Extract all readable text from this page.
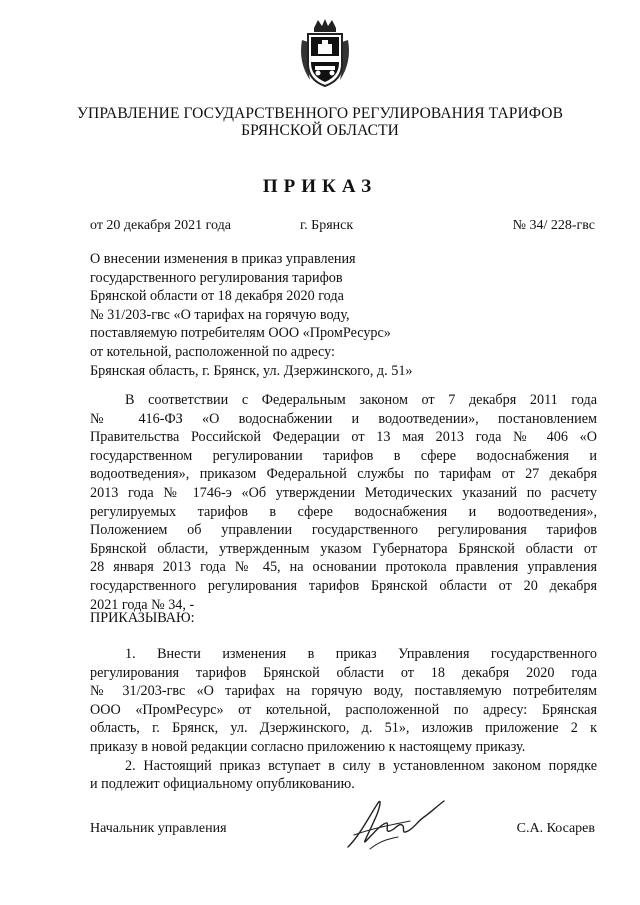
УПРАВЛЕНИЕ ГОСУДАРСТВЕННОГО РЕГУЛИРОВАНИЯ ТАРИФОВ
БРЯНСКОЙ ОБЛАСТИ
ПРИКАЗ
от 20 декабря 2021 года	г. Брянск	№ 34/ 228-гвс
О внесении изменения в приказ управления
государственного регулирования тарифов
Брянской области от 18 декабря 2020 года
№ 31/203-гвс «О тарифах на горячую воду,
поставляемую потребителям ООО «ПромРесурс»
от котельной, расположенной по адресу:
Брянская область, г. Брянск, ул. Дзержинского, д. 51»
В соответствии с Федеральным законом от 7 декабря 2011 года
№ 416-ФЗ «О водоснабжении и водоотведении», постановлением
Правительства Российской Федерации от 13 мая 2013 года № 406 «О
государственном регулировании тарифов в сфере водоснабжения и
водоотведения», приказом Федеральной службы по тарифам от 27 декабря
2013 года № 1746-э «Об утверждении Методических указаний по расчету
регулируемых тарифов в сфере водоснабжения и водоотведения»,
Положением об управлении государственного регулирования тарифов
Брянской области, утвержденным указом Губернатора Брянской области от
28 января 2013 года № 45, на основании протокола правления управления
государственного регулирования тарифов Брянской области от 20 декабря
2021 года № 34, -
ПРИКАЗЫВАЮ:
1. Внести изменения в приказ Управления государственного
регулирования тарифов Брянской области от 18 декабря 2020 года
№ 31/203-гвс «О тарифах на горячую воду, поставляемую потребителям
ООО «ПромРесурс» от котельной, расположенной по адресу: Брянская
область, г. Брянск, ул. Дзержинского, д. 51», изложив приложение 2 к
приказу в новой редакции согласно приложению к настоящему приказу.
2. Настоящий приказ вступает в силу в установленном законом порядке
и подлежит официальному опубликованию.
Начальник управления	С.А. Косарев
